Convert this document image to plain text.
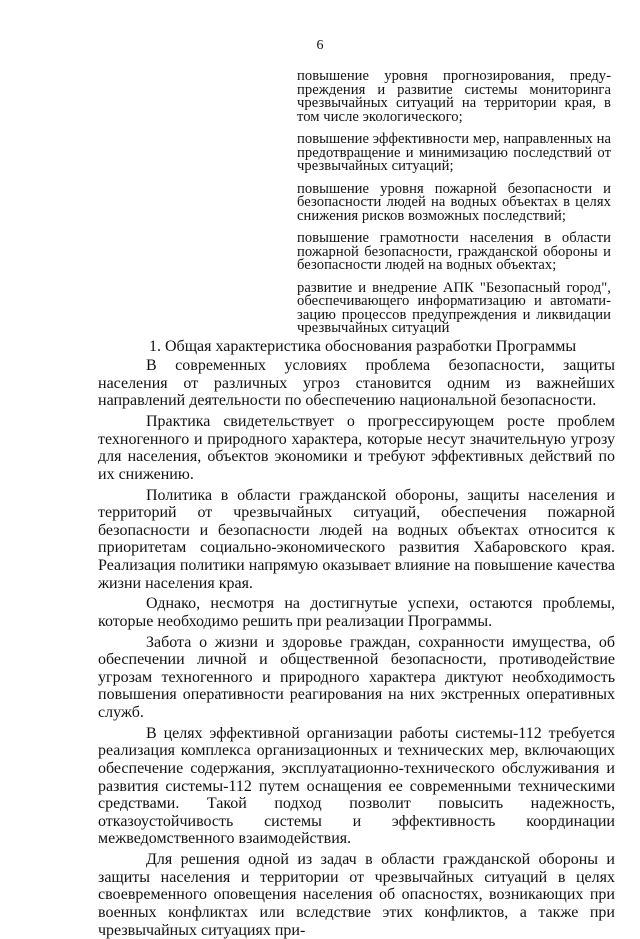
6

повышение уровня прогнозирования, предупреждения и развитие системы мониторинга чрезвычайных ситуаций на территории края, в том числе экологического;

повышение эффективности мер, направленных на предотвращение и минимизацию последствий от чрезвычайных ситуаций;

повышение уровня пожарной безопасности и безопасности людей на водных объектах в целях снижения рисков возможных последствий;

повышение грамотности населения в области пожарной безопасности, гражданской обороны и безопасности людей на водных объектах;

развитие и внедрение АПК "Безопасный город", обеспечивающего информатизацию и автоматизацию процессов предупреждения и ликвидации чрезвычайных ситуаций

1. Общая характеристика обоснования разработки Программы

В современных условиях проблема безопасности, защиты населения от различных угроз становится одним из важнейших направлений деятельности по обеспечению национальной безопасности.

Практика свидетельствует о прогрессирующем росте проблем техногенного и природного характера, которые несут значительную угрозу для населения, объектов экономики и требуют эффективных действий по их снижению.

Политика в области гражданской обороны, защиты населения и территорий от чрезвычайных ситуаций, обеспечения пожарной безопасности и безопасности людей на водных объектах относится к приоритетам социально-экономического развития Хабаровского края. Реализация политики напрямую оказывает влияние на повышение качества жизни населения края.

Однако, несмотря на достигнутые успехи, остаются проблемы, которые необходимо решить при реализации Программы.

Забота о жизни и здоровье граждан, сохранности имущества, об обеспечении личной и общественной безопасности, противодействие угрозам техногенного и природного характера диктуют необходимость повышения оперативности реагирования на них экстренных оперативных служб.

В целях эффективной организации работы системы-112 требуется реализация комплекса организационных и технических мер, включающих обеспечение содержания, эксплуатационно-технического обслуживания и развития системы-112 путем оснащения ее современными техническими средствами. Такой подход позволит повысить надежность, отказоустойчивость системы и эффективность координации межведомственного взаимодействия.

Для решения одной из задач в области гражданской обороны и защиты населения и территории от чрезвычайных ситуаций в целях своевременного оповещения населения об опасностях, возникающих при военных конфликтах или вследствие этих конфликтов, а также при чрезвычайных ситуациях при-
